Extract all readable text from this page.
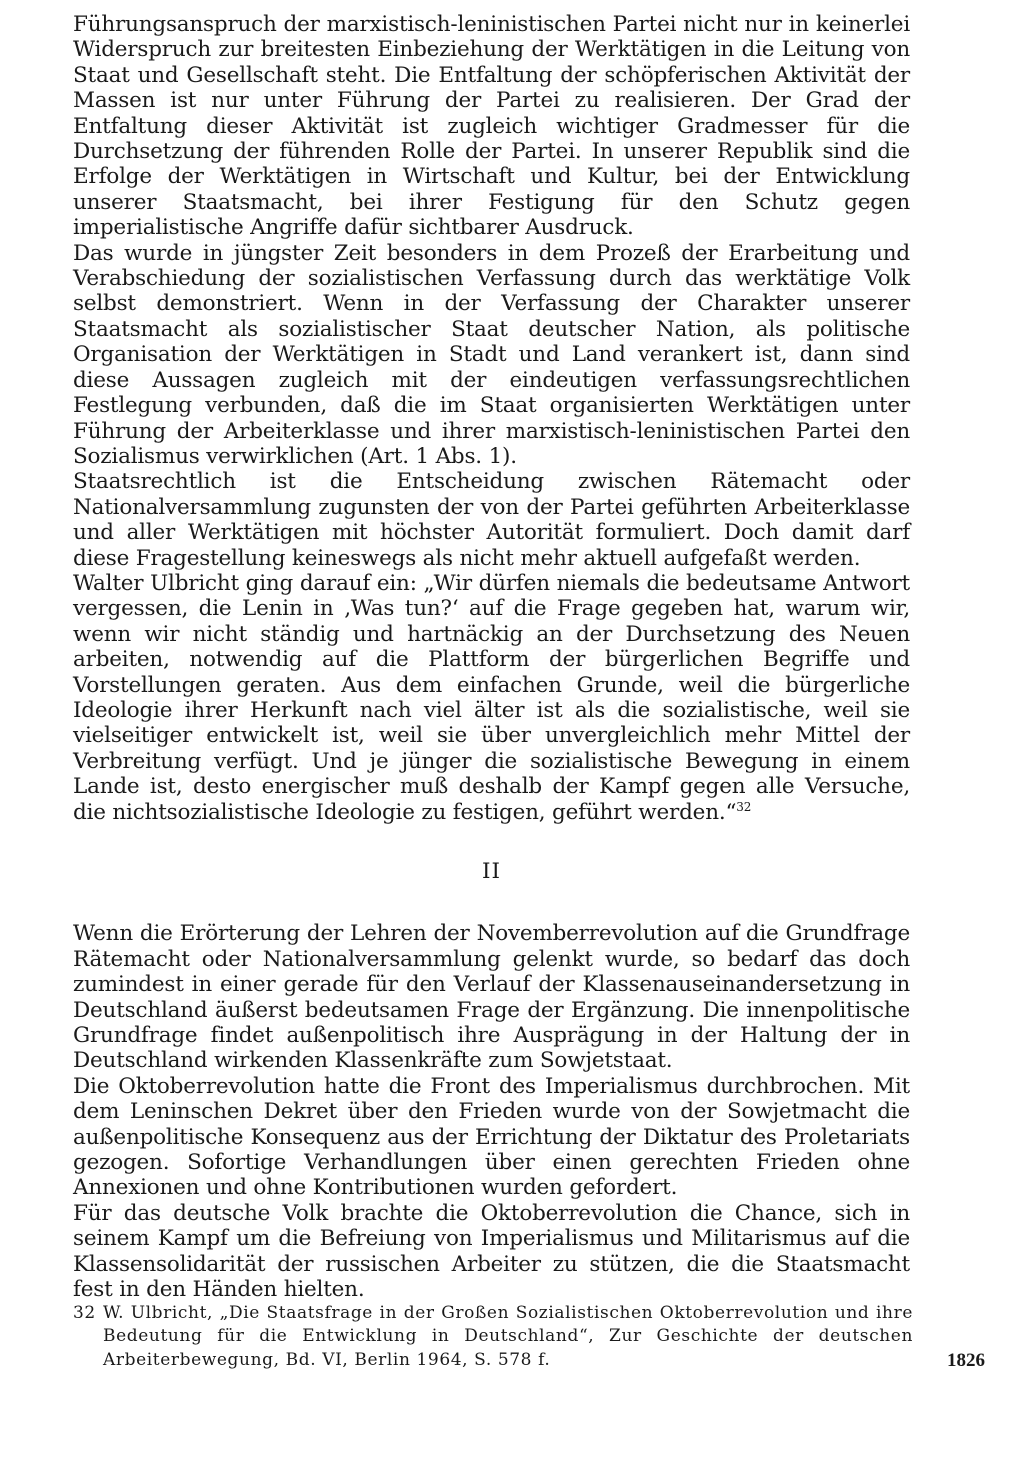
Führungsanspruch der marxistisch-leninistischen Partei nicht nur in keinerlei Widerspruch zur breitesten Einbeziehung der Werktätigen in die Leitung von Staat und Gesellschaft steht. Die Entfaltung der schöpferischen Aktivität der Massen ist nur unter Führung der Partei zu realisieren. Der Grad der Entfaltung dieser Aktivität ist zugleich wichtiger Gradmesser für die Durchsetzung der führenden Rolle der Partei. In unserer Republik sind die Erfolge der Werktätigen in Wirtschaft und Kultur, bei der Entwicklung unserer Staatsmacht, bei ihrer Festigung für den Schutz gegen imperialistische Angriffe dafür sichtbarer Ausdruck.

Das wurde in jüngster Zeit besonders in dem Prozeß der Erarbeitung und Verabschiedung der sozialistischen Verfassung durch das werktätige Volk selbst demonstriert. Wenn in der Verfassung der Charakter unserer Staatsmacht als sozialistischer Staat deutscher Nation, als politische Organisation der Werktätigen in Stadt und Land verankert ist, dann sind diese Aussagen zugleich mit der eindeutigen verfassungsrechtlichen Festlegung verbunden, daß die im Staat organisierten Werktätigen unter Führung der Arbeiterklasse und ihrer marxistisch-leninistischen Partei den Sozialismus verwirklichen (Art. 1 Abs. 1).

Staatsrechtlich ist die Entscheidung zwischen Rätemacht oder Nationalversammlung zugunsten der von der Partei geführten Arbeiterklasse und aller Werktätigen mit höchster Autorität formuliert. Doch damit darf diese Fragestellung keineswegs als nicht mehr aktuell aufgefaßt werden.

Walter Ulbricht ging darauf ein: „Wir dürfen niemals die bedeutsame Antwort vergessen, die Lenin in ‚Was tun?‘ auf die Frage gegeben hat, warum wir, wenn wir nicht ständig und hartnäckig an der Durchsetzung des Neuen arbeiten, notwendig auf die Plattform der bürgerlichen Begriffe und Vorstellungen geraten. Aus dem einfachen Grunde, weil die bürgerliche Ideologie ihrer Herkunft nach viel älter ist als die sozialistische, weil sie vielseitiger entwickelt ist, weil sie über unvergleichlich mehr Mittel der Verbreitung verfügt. Und je jünger die sozialistische Bewegung in einem Lande ist, desto energischer muß deshalb der Kampf gegen alle Versuche, die nichtsozialistische Ideologie zu festigen, geführt werden.“$^{32}$

II

Wenn die Erörterung der Lehren der Novemberrevolution auf die Grundfrage Rätemacht oder Nationalversammlung gelenkt wurde, so bedarf das doch zumindest in einer gerade für den Verlauf der Klassenauseinandersetzung in Deutschland äußerst bedeutsamen Frage der Ergänzung. Die innenpolitische Grundfrage findet außenpolitisch ihre Ausprägung in der Haltung der in Deutschland wirkenden Klassenkräfte zum Sowjetstaat.

Die Oktoberrevolution hatte die Front des Imperialismus durchbrochen. Mit dem Leninschen Dekret über den Frieden wurde von der Sowjetmacht die außenpolitische Konsequenz aus der Errichtung der Diktatur des Proletariats gezogen. Sofortige Verhandlungen über einen gerechten Frieden ohne Annexionen und ohne Kontributionen wurden gefordert.

Für das deutsche Volk brachte die Oktoberrevolution die Chance, sich in seinem Kampf um die Befreiung von Imperialismus und Militarismus auf die Klassensolidarität der russischen Arbeiter zu stützen, die die Staatsmacht fest in den Händen hielten.

32 W. Ulbricht, „Die Staatsfrage in der Großen Sozialistischen Oktoberrevolution und ihre Bedeutung für die Entwicklung in Deutschland“, Zur Geschichte der deutschen Arbeiterbewegung, Bd. VI, Berlin 1964, S. 578 f.	1826
